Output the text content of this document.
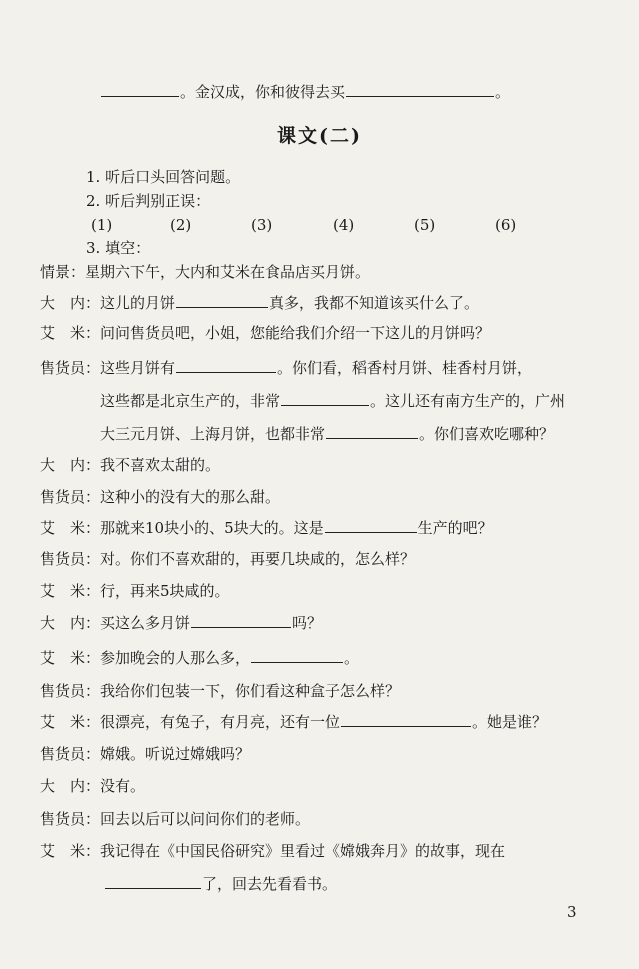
。金汉成，你和彼得去买	。
课文(二)
1. 听后口头回答问题。
2. 听后判别正误：
(1)	(2)	(3)	(4)	(5)	(6)
3. 填空：
情景：星期六下午，大内和艾米在食品店买月饼。
大　内：这儿的月饼	真多，我都不知道该买什么了。
艾　米：问问售货员吧，小姐，您能给我们介绍一下这儿的月饼吗？
售货员：这些月饼有	。你们看，稻香村月饼、桂香村月饼，
这些都是北京生产的，非常	。这儿还有南方生产的，广州
大三元月饼、上海月饼，也都非常	。你们喜欢吃哪种？
大　内：我不喜欢太甜的。
售货员：这种小的没有大的那么甜。
艾　米：那就来10块小的、5块大的。这是	生产的吧？
售货员：对。你们不喜欢甜的，再要几块咸的，怎么样？
艾　米：行，再来5块咸的。
大　内：买这么多月饼	吗？
艾　米：参加晚会的人那么多，	。
售货员：我给你们包装一下，你们看这种盒子怎么样？
艾　米：很漂亮，有兔子，有月亮，还有一位	。她是谁？
售货员：嫦娥。听说过嫦娥吗？
大　内：没有。
售货员：回去以后可以问问你们的老师。
艾　米：我记得在《中国民俗研究》里看过《嫦娥奔月》的故事，现在
了，回去先看看书。
3
